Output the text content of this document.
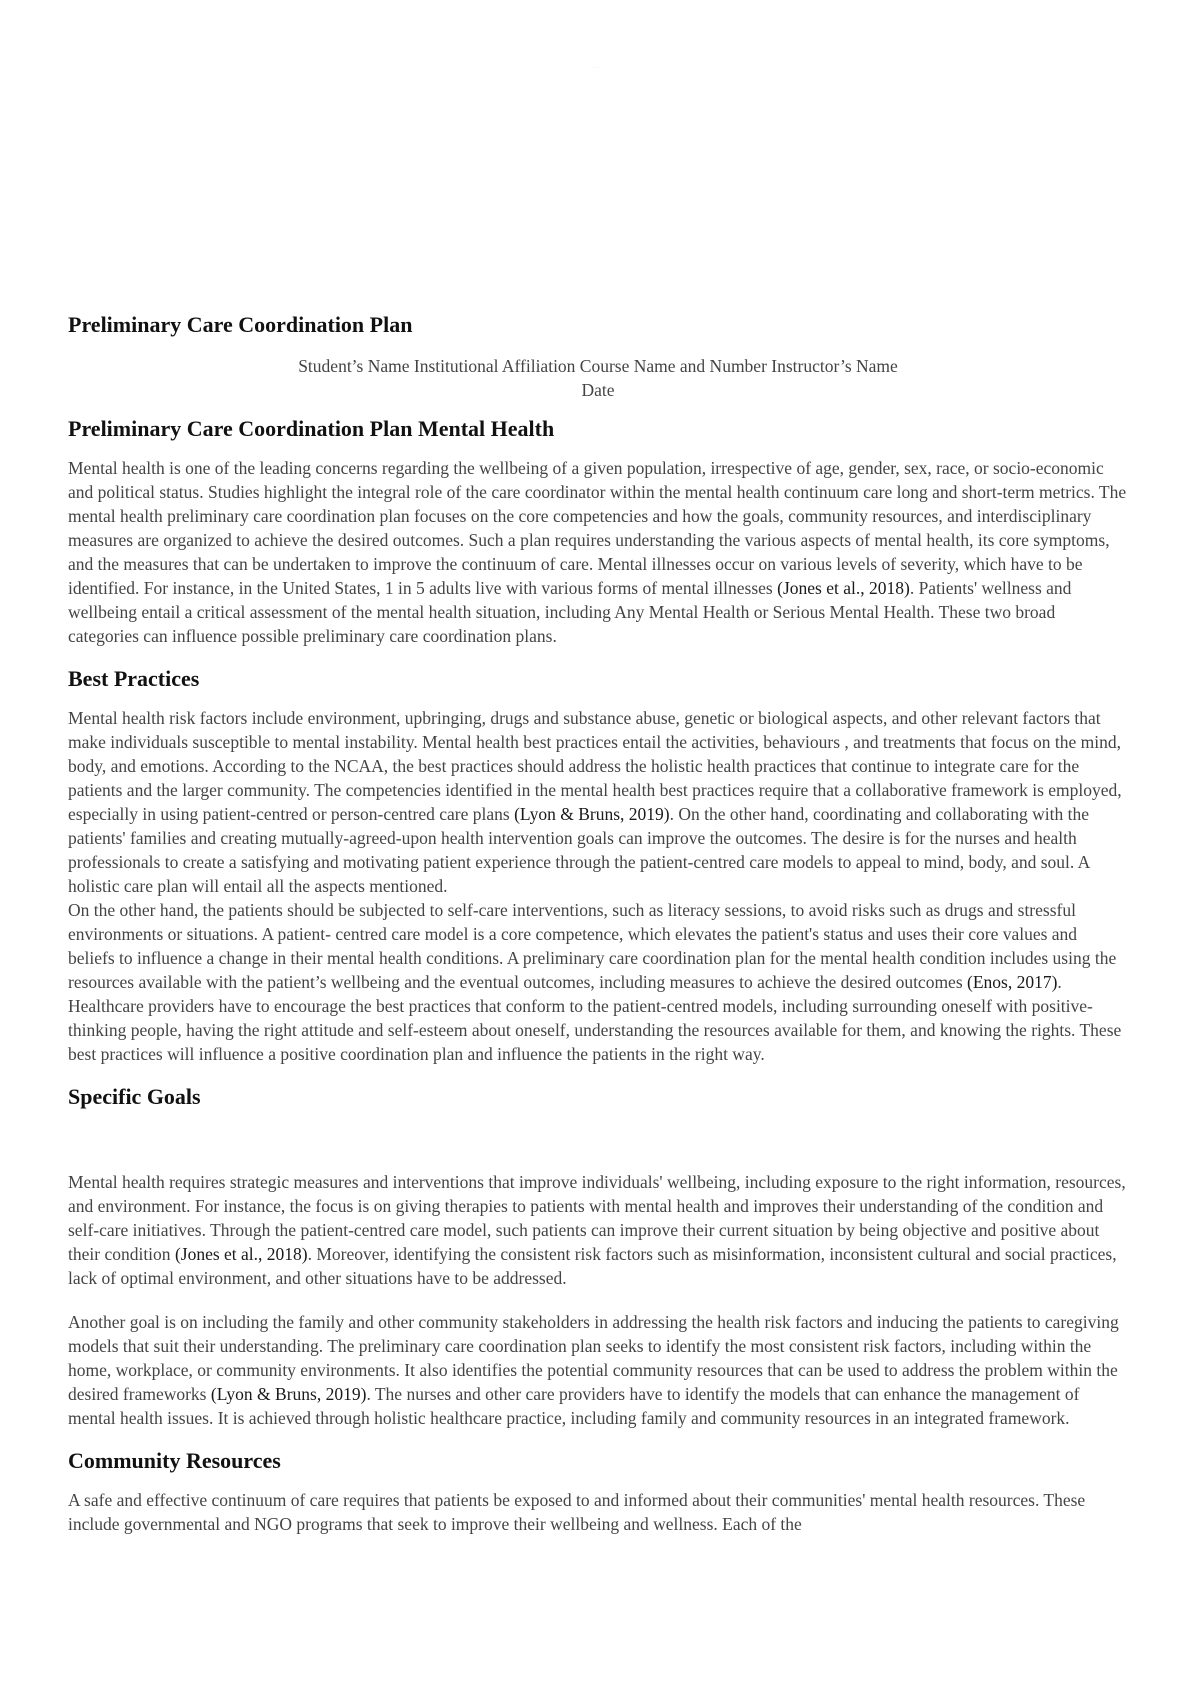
· · · ·
Preliminary Care Coordination Plan
Student’s Name Institutional Affiliation Course Name and Number Instructor’s Name
Date
Preliminary Care Coordination Plan Mental Health

Mental health is one of the leading concerns regarding the wellbeing of a given population, irrespective of age, gender, sex, race, or socio-economic and political status. Studies highlight the integral role of the care coordinator within the mental health continuum care long and short-term metrics. The mental health preliminary care coordination plan focuses on the core competencies and how the goals, community resources, and interdisciplinary measures are organized to achieve the desired outcomes. Such a plan requires understanding the various aspects of mental health, its core symptoms, and the measures that can be undertaken to improve the continuum of care. Mental illnesses occur on various levels of severity, which have to be identified. For instance, in the United States, 1 in 5 adults live with various forms of mental illnesses (Jones et al., 2018). Patients' wellness and wellbeing entail a critical assessment of the mental health situation, including Any Mental Health or Serious Mental Health. These two broad categories can influence possible preliminary care coordination plans.

Best Practices

Mental health risk factors include environment, upbringing, drugs and substance abuse, genetic or biological aspects, and other relevant factors that make individuals susceptible to mental instability. Mental health best practices entail the activities, behaviours , and treatments that focus on the mind, body, and emotions. According to the NCAA, the best practices should address the holistic health practices that continue to integrate care for the patients and the larger community. The competencies identified in the mental health best practices require that a collaborative framework is employed, especially in using patient-centred or person-centred care plans (Lyon & Bruns, 2019). On the other hand, coordinating and collaborating with the patients' families and creating mutually-agreed-upon health intervention goals can improve the outcomes. The desire is for the nurses and health professionals to create a satisfying and motivating patient experience through the patient-centred care models to appeal to mind, body, and soul. A holistic care plan will entail all the aspects mentioned.

On the other hand, the patients should be subjected to self-care interventions, such as literacy sessions, to avoid risks such as drugs and stressful environments or situations. A patient- centred care model is a core competence, which elevates the patient's status and uses their core values and beliefs to influence a change in their mental health conditions. A preliminary care coordination plan for the mental health condition includes using the resources available with the patient’s wellbeing and the eventual outcomes, including measures to achieve the desired outcomes (Enos, 2017). Healthcare providers have to encourage the best practices that conform to the patient-centred models, including surrounding oneself with positive-thinking people, having the right attitude and self-esteem about oneself, understanding the resources available for them, and knowing the rights. These best practices will influence a positive coordination plan and influence the patients in the right way.

Specific Goals

Mental health requires strategic measures and interventions that improve individuals' wellbeing, including exposure to the right information, resources, and environment. For instance, the focus is on giving therapies to patients with mental health and improves their understanding of the condition and self-care initiatives. Through the patient-centred care model, such patients can improve their current situation by being objective and positive about their condition (Jones et al., 2018). Moreover, identifying the consistent risk factors such as misinformation, inconsistent cultural and social practices, lack of optimal environment, and other situations have to be addressed.

Another goal is on including the family and other community stakeholders in addressing the health risk factors and inducing the patients to caregiving models that suit their understanding. The preliminary care coordination plan seeks to identify the most consistent risk factors, including within the home, workplace, or community environments. It also identifies the potential community resources that can be used to address the problem within the desired frameworks (Lyon & Bruns, 2019). The nurses and other care providers have to identify the models that can enhance the management of mental health issues. It is achieved through holistic healthcare practice, including family and community resources in an integrated framework.

Community Resources

A safe and effective continuum of care requires that patients be exposed to and informed about their communities' mental health resources. These include governmental and NGO programs that seek to improve their wellbeing and wellness. Each of the
